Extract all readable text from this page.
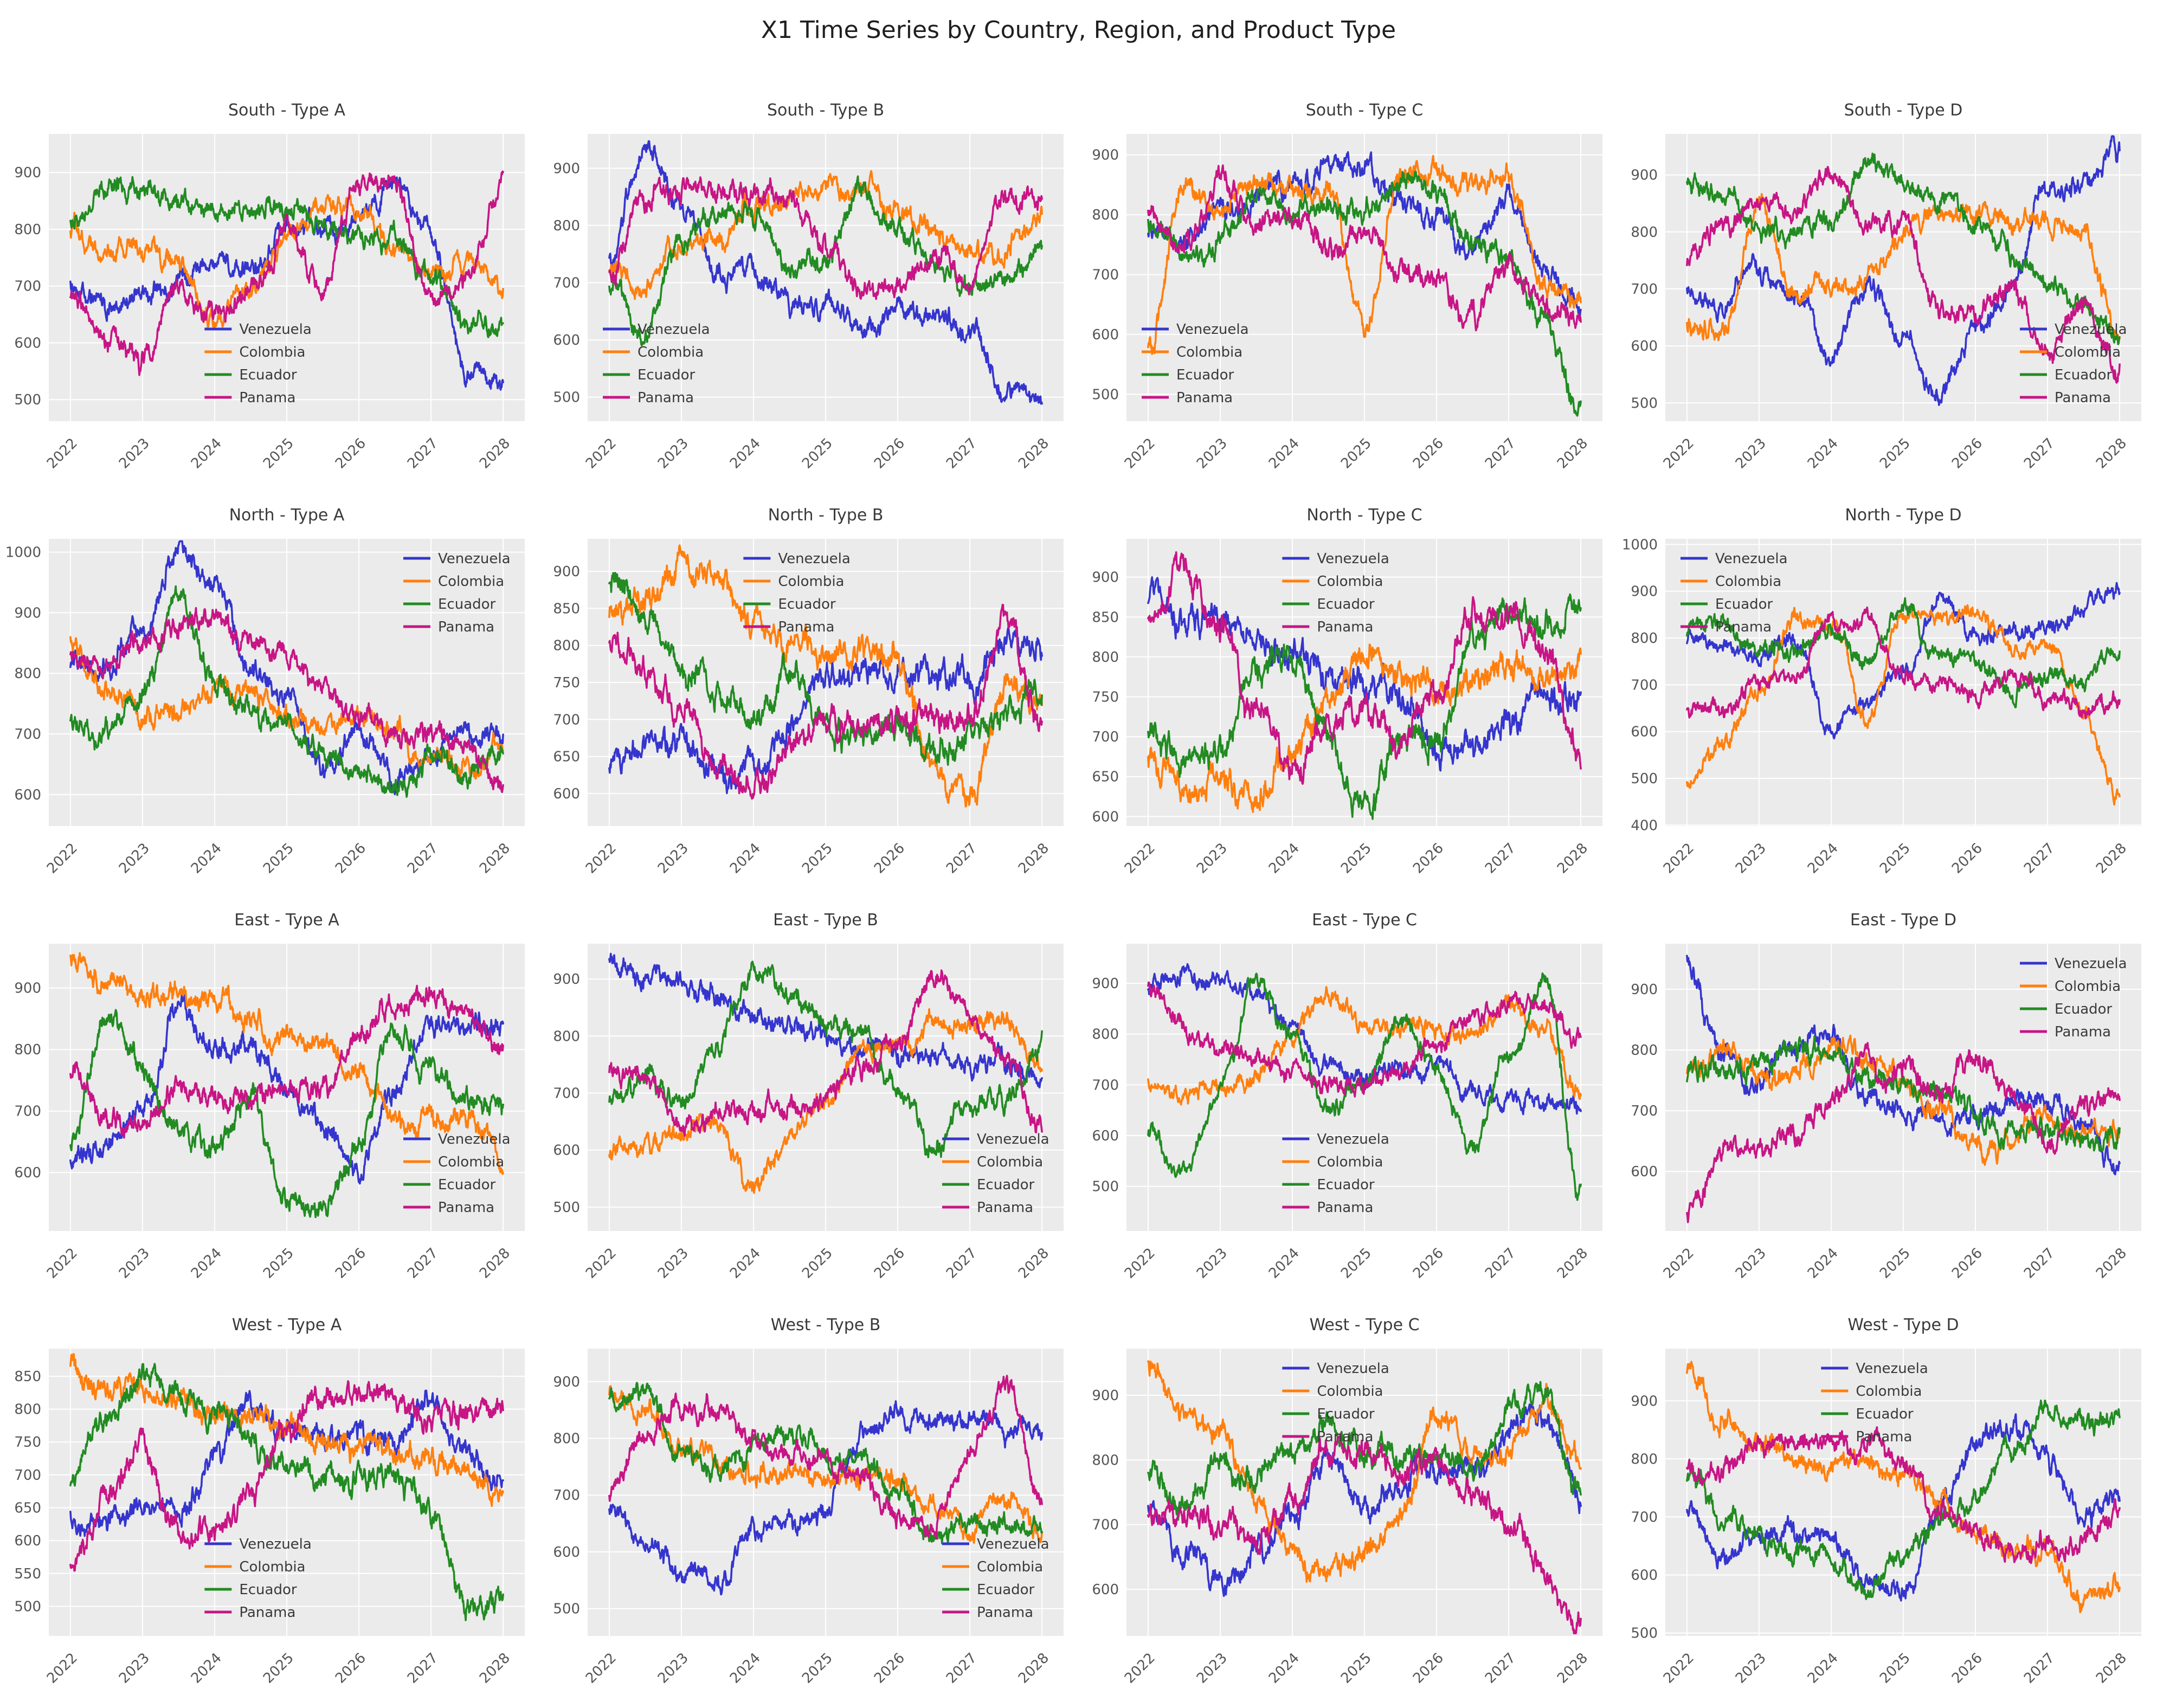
X1 Time Series by Country, Region, and Product Type
South - Type A
500
600
700
800
900
2022	2023	2024	2025	2026	2027	2028
Venezuela
Colombia
Ecuador
Panama
South - Type B
500
600
700
800
900
2022	2023	2024	2025	2026	2027	2028
Venezuela
Colombia
Ecuador
Panama
South - Type C
500
600
700
800
900
2022	2023	2024	2025	2026	2027	2028
Venezuela
Colombia
Ecuador
Panama
South - Type D
500
600
700
800
900
2022	2023	2024	2025	2026	2027	2028
Venezuela
Colombia
Ecuador
Panama
North - Type A
600
700
800
900
1000
2022	2023	2024	2025	2026	2027	2028
Venezuela
Colombia
Ecuador
Panama
North - Type B
600
650
700
750
800
850
900
2022	2023	2024	2025	2026	2027	2028
Venezuela
Colombia
Ecuador
Panama
North - Type C
600
650
700
750
800
850
900
2022	2023	2024	2025	2026	2027	2028
Venezuela
Colombia
Ecuador
Panama
North - Type D
400
500
600
700
800
900
1000
2022	2023	2024	2025	2026	2027	2028
Venezuela
Colombia
Ecuador
Panama
East - Type A
600
700
800
900
2022	2023	2024	2025	2026	2027	2028
Venezuela
Colombia
Ecuador
Panama
East - Type B
500
600
700
800
900
2022	2023	2024	2025	2026	2027	2028
Venezuela
Colombia
Ecuador
Panama
East - Type C
500
600
700
800
900
2022	2023	2024	2025	2026	2027	2028
Venezuela
Colombia
Ecuador
Panama
East - Type D
600
700
800
900
2022	2023	2024	2025	2026	2027	2028
Venezuela
Colombia
Ecuador
Panama
West - Type A
500
550
600
650
700
750
800
850
2022	2023	2024	2025	2026	2027	2028
Venezuela
Colombia
Ecuador
Panama
West - Type B
500
600
700
800
900
2022	2023	2024	2025	2026	2027	2028
Venezuela
Colombia
Ecuador
Panama
West - Type C
600
700
800
900
2022	2023	2024	2025	2026	2027	2028
Venezuela
Colombia
Ecuador
Panama
West - Type D
500
600
700
800
900
2022	2023	2024	2025	2026	2027	2028
Venezuela
Colombia
Ecuador
Panama
